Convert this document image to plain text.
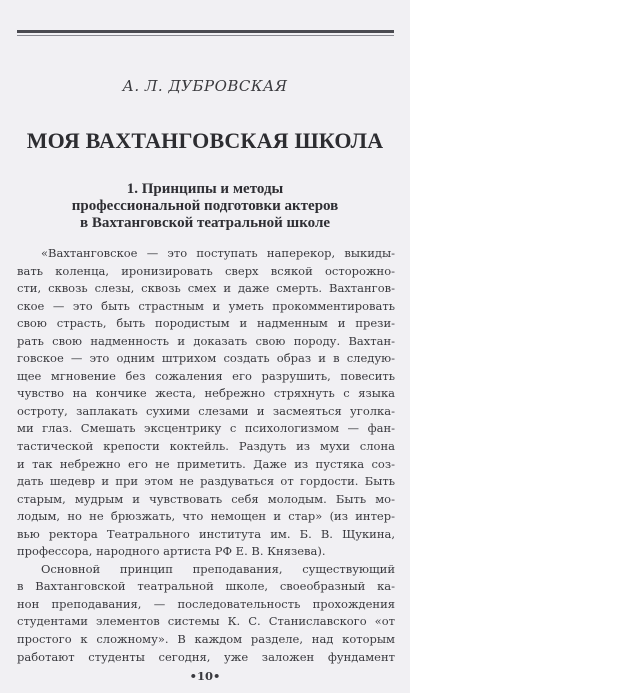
А. Л. ДУБРОВСКАЯ
МОЯ ВАХТАНГОВСКАЯ ШКОЛА
1. Принципы и методы
профессиональной подготовки актеров
в Вахтанговской театральной школе
«Вахтанговское — это поступать наперекор, выкиды-
вать коленца, иронизировать сверх всякой осторожно-
сти, сквозь слезы, сквозь смех и даже смерть. Вахтангов-
ское — это быть страстным и уметь прокомментировать
свою страсть, быть породистым и надменным и прези-
рать свою надменность и доказать свою породу. Вахтан-
говское — это одним штрихом создать образ и в следую-
щее мгновение без сожаления его разрушить, повесить
чувство на кончике жеста, небрежно стряхнуть с языка
остроту, заплакать сухими слезами и засмеяться уголка-
ми глаз. Смешать эксцентрику с психологизмом — фан-
тастической крепости коктейль. Раздуть из мухи слона
и так небрежно его не приметить. Даже из пустяка соз-
дать шедевр и при этом не раздуваться от гордости. Быть
старым, мудрым и чувствовать себя молодым. Быть мо-
лодым, но не брюзжать, что немощен и стар» (из интер-
вью ректора Театрального института им. Б. В. Щукина,
профессора, народного артиста РФ Е. В. Князева).
Основной принцип преподавания, существующий
в Вахтанговской театральной школе, своеобразный ка-
нон преподавания, — последовательность прохождения
студентами элементов системы К. С. Станиславского «от
простого к сложному». В каждом разделе, над которым
работают студенты сегодня, уже заложен фундамент
•10•
